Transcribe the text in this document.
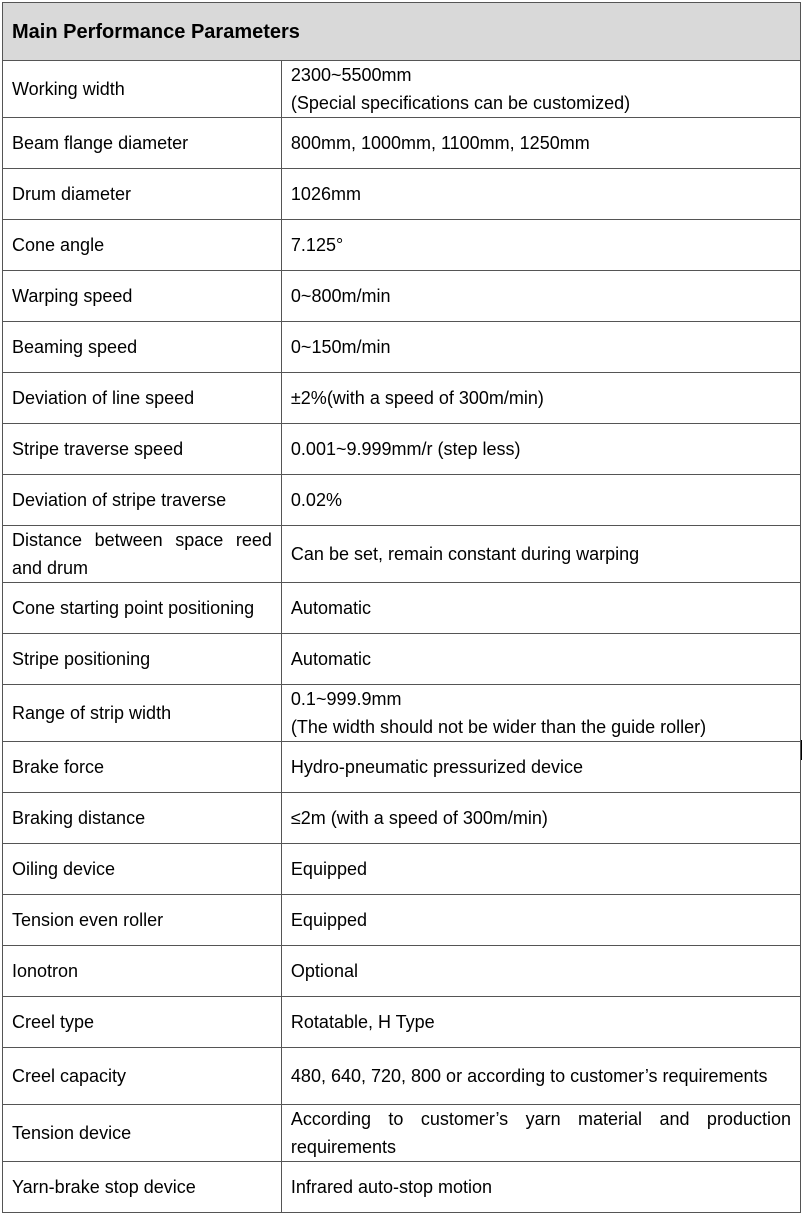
Main Performance Parameters	
Working width	2300~5500mm
(Special specifications can be customized)
Beam flange diameter	800mm, 1000mm, 1100mm, 1250mm
Drum diameter	1026mm
Cone angle	7.125°
Warping speed	0~800m/min
Beaming speed	0~150m/min
Deviation of line speed	±2%(with a speed of 300m/min)
Stripe traverse speed	0.001~9.999mm/r (step less)
Deviation of stripe traverse	0.02%
Distance between space reed and drum	Can be set, remain constant during warping
Cone starting point positioning	Automatic
Stripe positioning	Automatic
Range of strip width	0.1~999.9mm
(The width should not be wider than the guide roller)
Brake force	Hydro-pneumatic pressurized device
Braking distance	≤2m (with a speed of 300m/min)
Oiling device	Equipped
Tension even roller	Equipped
Ionotron	Optional
Creel type	Rotatable, H Type
Creel capacity	480, 640, 720, 800 or according to customer’s requirements
Tension device	According to customer’s yarn material and production requirements
Yarn-brake stop device	Infrared auto-stop motion
